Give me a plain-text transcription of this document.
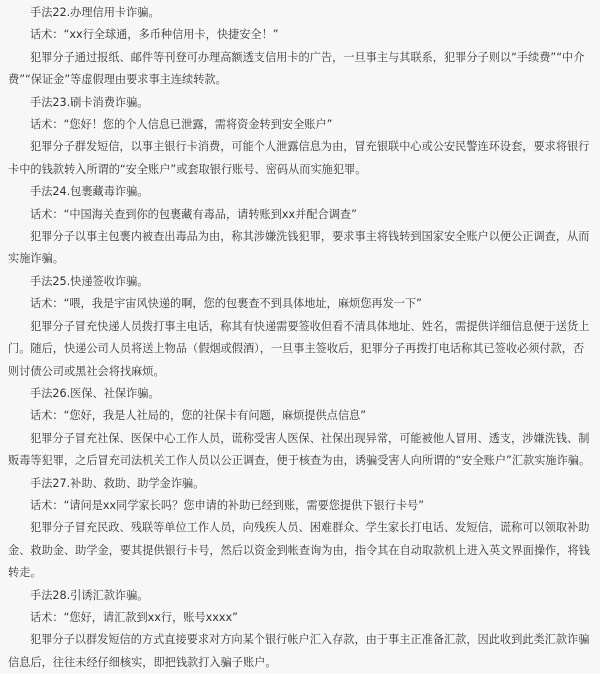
手法22.办理信用卡诈骗。

话术：“xx行全球通，多币种信用卡，快捷安全！”

犯罪分子通过报纸、邮件等刊登可办理高额透支信用卡的广告，一旦事主与其联系，犯罪分子则以“手续费”“中介费”“保证金”等虚假理由要求事主连续转款。

手法23.刷卡消费诈骗。

话术：“您好！您的个人信息已泄露，需将资金转到安全账户”

犯罪分子群发短信，以事主银行卡消费，可能个人泄露信息为由，冒充银联中心或公安民警连环设套，要求将银行卡中的钱款转入所谓的“安全账户”或套取银行账号、密码从而实施犯罪。

手法24.包裹藏毒诈骗。

话术：“中国海关查到你的包裹藏有毒品，请转账到xx并配合调查”

犯罪分子以事主包裹内被查出毒品为由，称其涉嫌洗钱犯罪，要求事主将钱转到国家安全账户以便公正调查，从而实施诈骗。

手法25.快递签收诈骗。

话术：“喂，我是宇宙风快递的啊，您的包裹查不到具体地址，麻烦您再发一下”

犯罪分子冒充快递人员拨打事主电话，称其有快递需要签收但看不清具体地址、姓名，需提供详细信息便于送货上门。随后，快递公司人员将送上物品（假烟或假酒），一旦事主签收后，犯罪分子再拨打电话称其已签收必须付款，否则讨债公司或黑社会将找麻烦。

手法26.医保、社保诈骗。

话术：“您好，我是人社局的，您的社保卡有问题，麻烦提供点信息”

犯罪分子冒充社保、医保中心工作人员，谎称受害人医保、社保出现异常，可能被他人冒用、透支，涉嫌洗钱、制贩毒等犯罪，之后冒充司法机关工作人员以公正调查，便于核查为由，诱骗受害人向所谓的“安全账户”汇款实施诈骗。

手法27.补助、救助、助学金诈骗。

话术：“请问是xx同学家长吗？您申请的补助已经到账，需要您提供下银行卡号”

犯罪分子冒充民政、残联等单位工作人员，向残疾人员、困难群众、学生家长打电话、发短信，谎称可以领取补助金、救助金、助学金，要其提供银行卡号，然后以资金到帐查询为由，指令其在自动取款机上进入英文界面操作，将钱转走。

手法28.引诱汇款诈骗。

话术：“您好，请汇款到xx行，账号xxxx”

犯罪分子以群发短信的方式直接要求对方向某个银行帐户汇入存款，由于事主正准备汇款，因此收到此类汇款诈骗信息后，往往未经仔细核实，即把钱款打入骗子账户。
